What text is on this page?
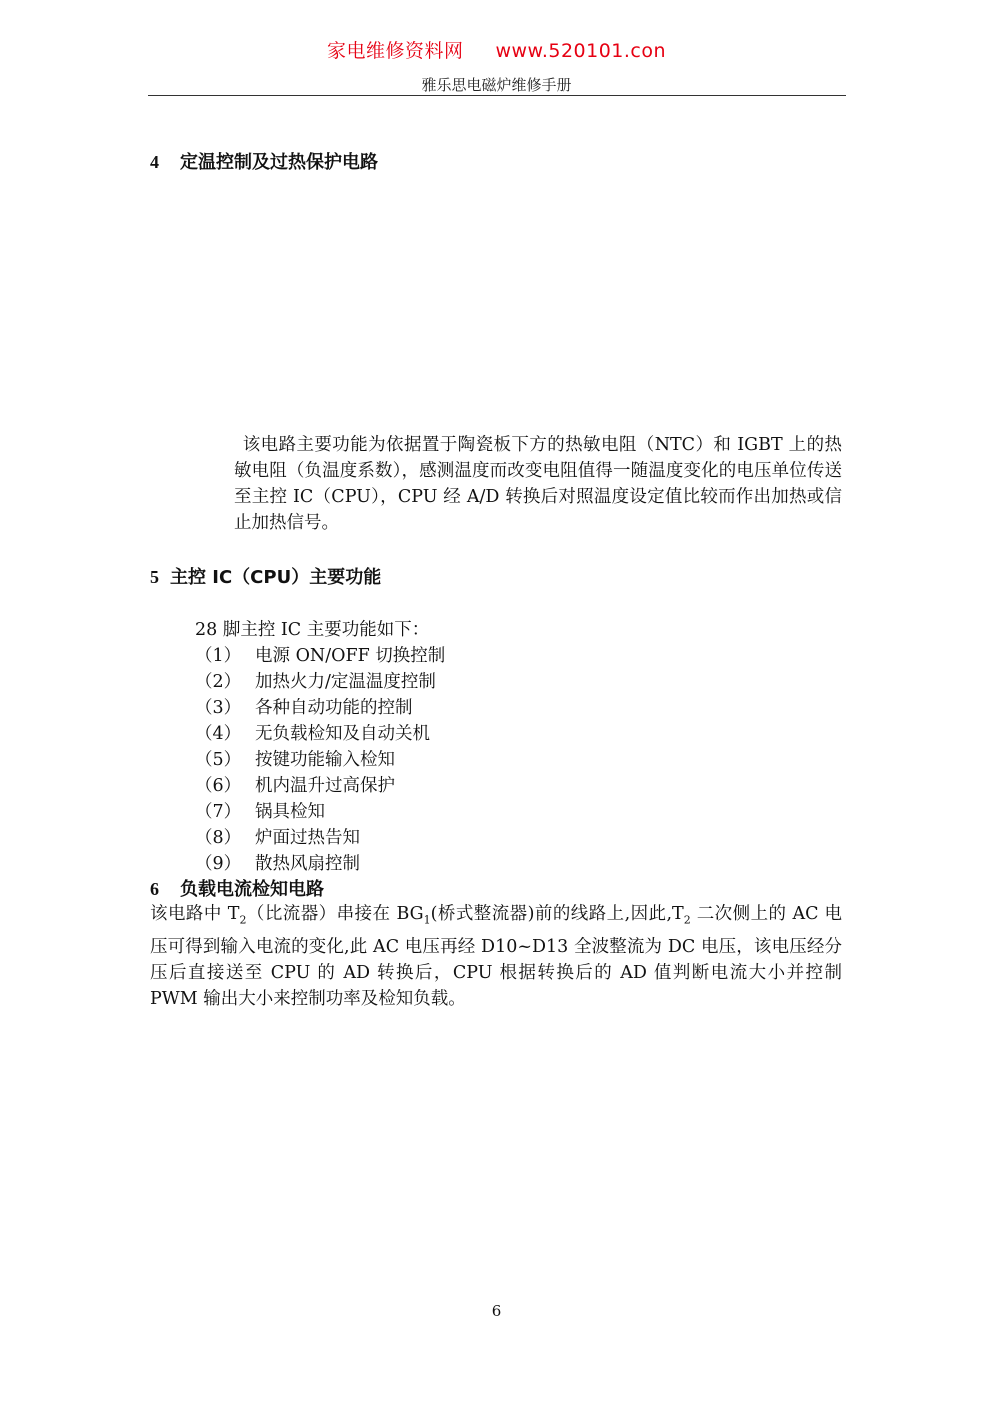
家电维修资料网 www.520101.con
雅乐思电磁炉维修手册
4 定温控制及过热保护电路
该电路主要功能为依据置于陶瓷板下方的热敏电阻（NTC）和 IGBT 上的热敏电阻（负温度系数），感测温度而改变电阻值得一随温度变化的电压单位传送至主控 IC（CPU），CPU 经 A/D 转换后对照温度设定值比较而作出加热或信止加热信号。
5 主控 IC（CPU）主要功能
28 脚主控 IC 主要功能如下：
（1） 电源 ON/OFF 切换控制
（2） 加热火力/定温温度控制
（3） 各种自动功能的控制
（4） 无负载检知及自动关机
（5） 按键功能输入检知
（6） 机内温升过高保护
（7） 锅具检知
（8） 炉面过热告知
（9） 散热风扇控制
6 负载电流检知电路
该电路中 $T_2$（比流器）串接在 $BG_1$(桥式整流器)前的线路上,因此$,T_2$ 二次侧上的 AC 电压可得到输入电流的变化,此 AC 电压再经 D10~D13 全波整流为 DC 电压，该电压经分压后直接送至 CPU 的 AD 转换后，CPU 根据转换后的 AD 值判断电流大小并控制 PWM 输出大小来控制功率及检知负载。
6
